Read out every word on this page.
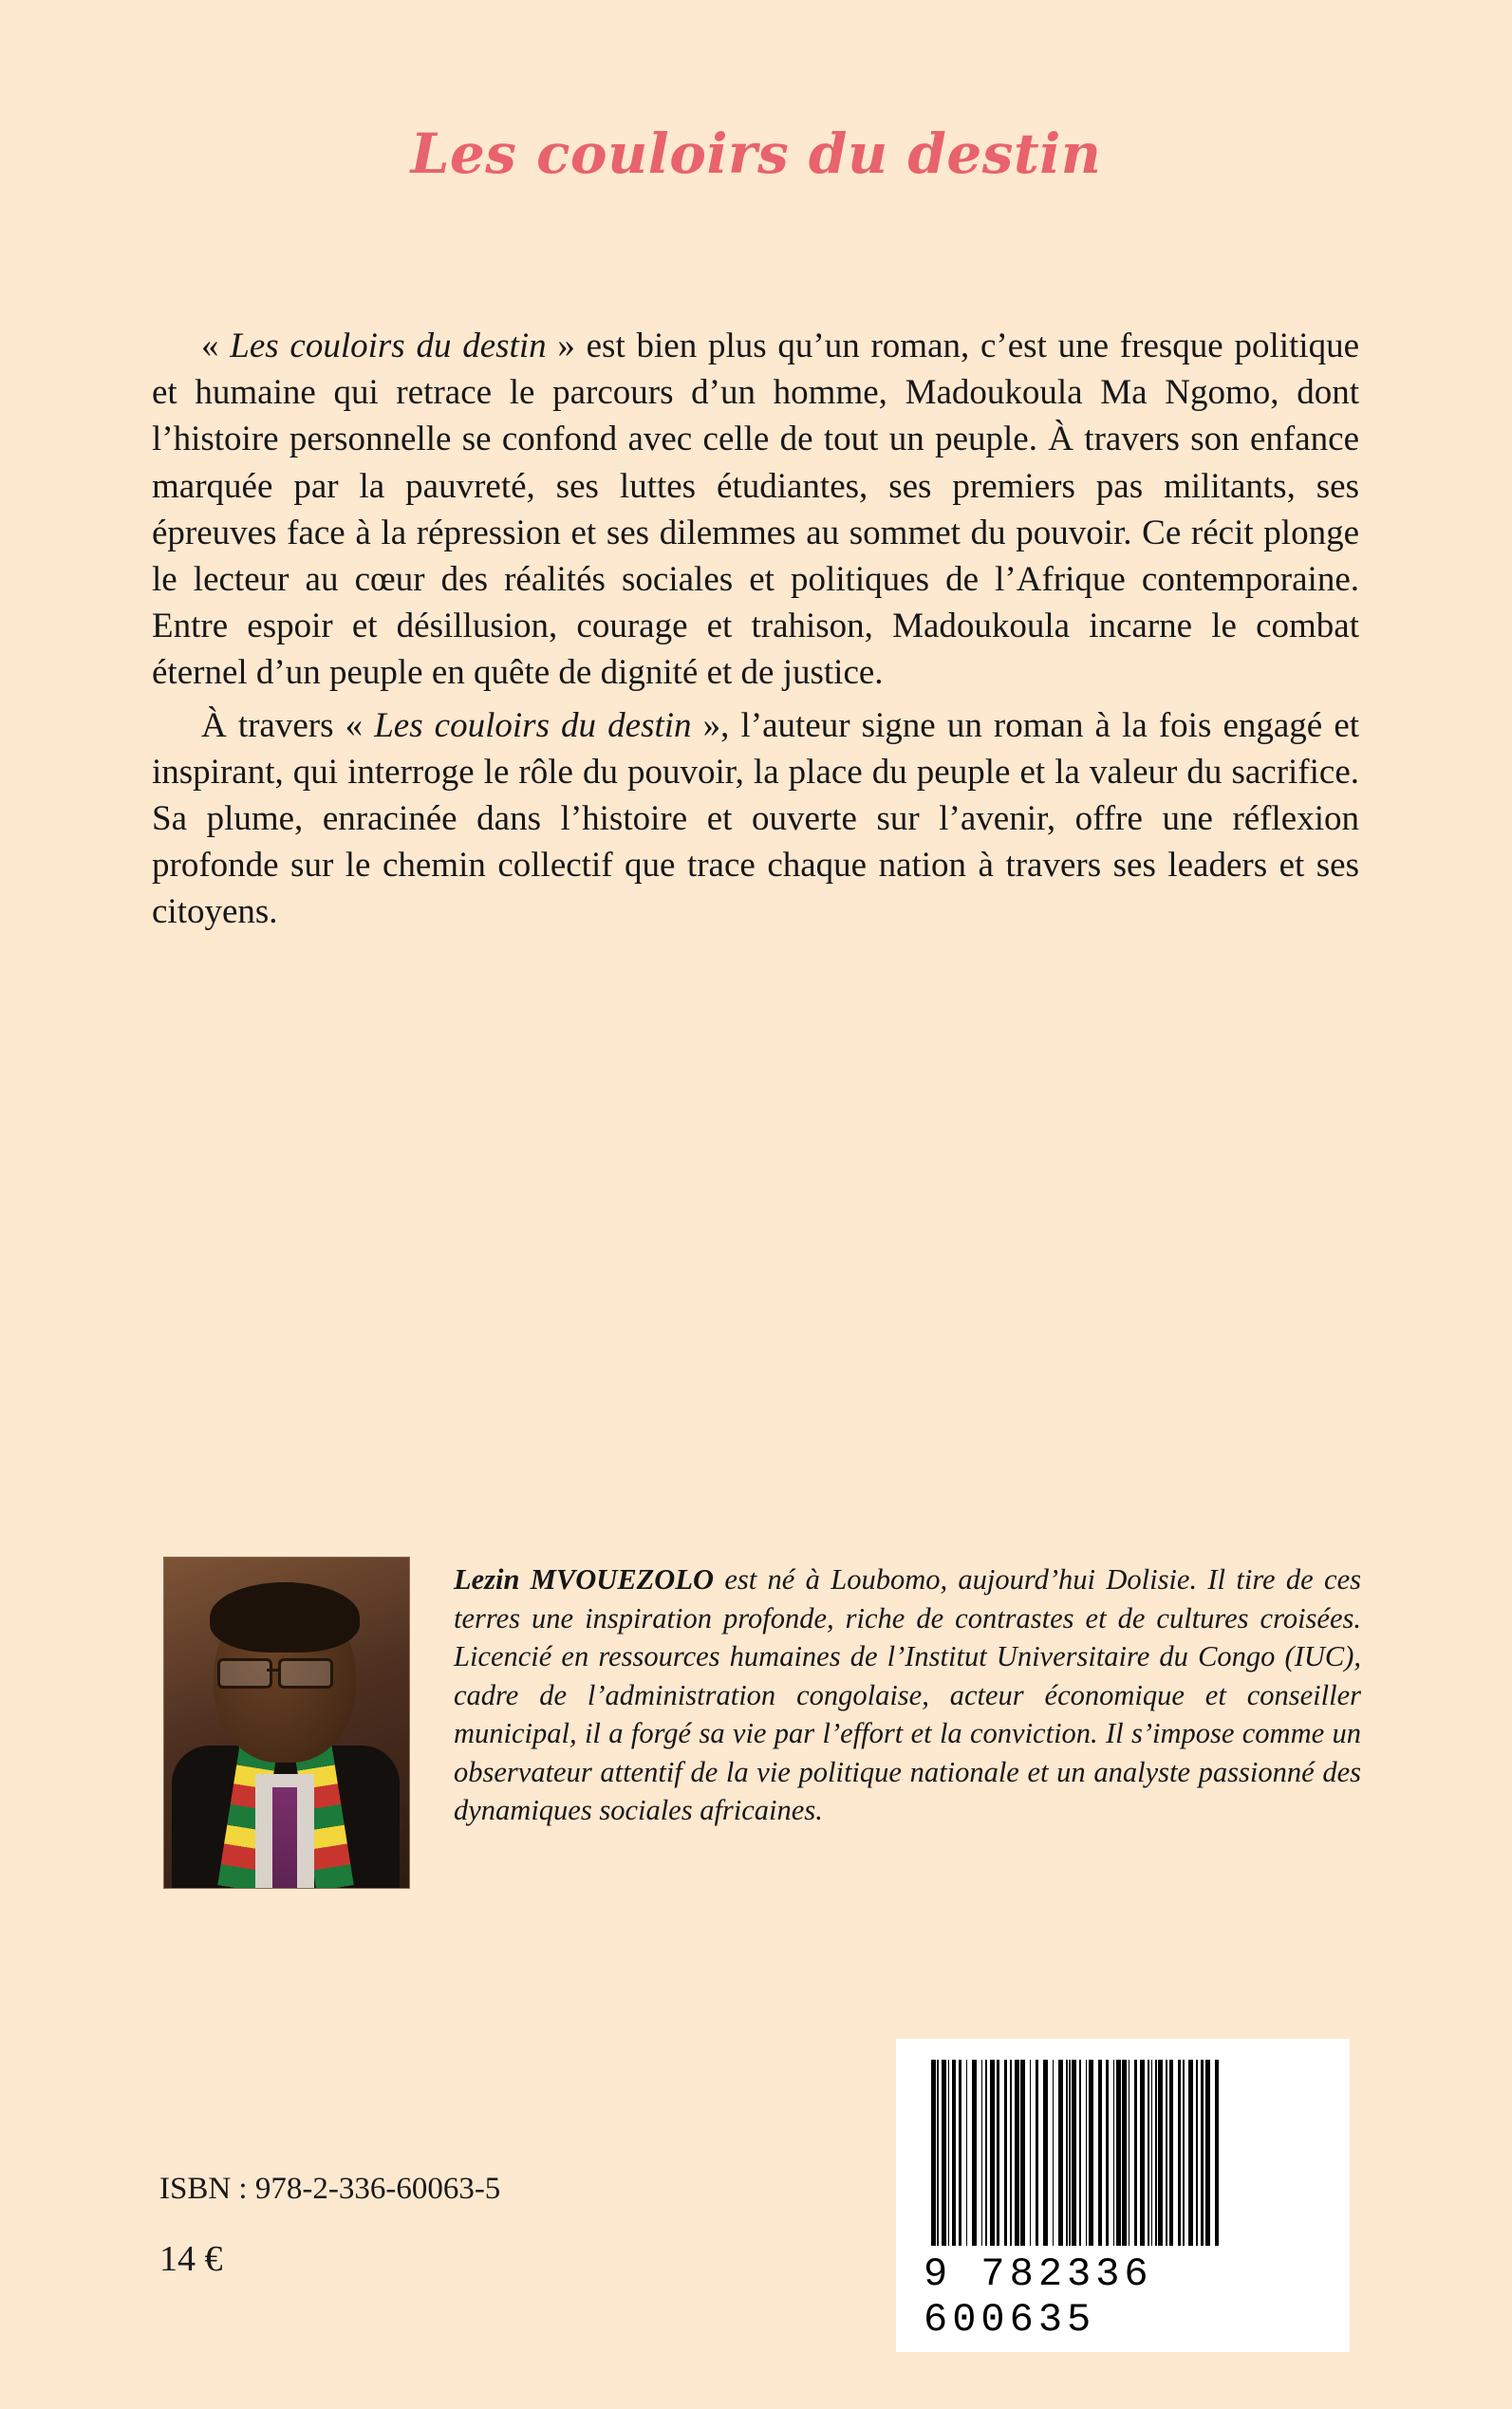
Les couloirs du destin

« Les couloirs du destin » est bien plus qu’un roman, c’est une fresque politique et humaine qui retrace le parcours d’un homme, Madoukoula Ma Ngomo, dont l’histoire personnelle se confond avec celle de tout un peuple. À travers son enfance marquée par la pauvreté, ses luttes étudiantes, ses premiers pas militants, ses épreuves face à la répression et ses dilemmes au sommet du pouvoir. Ce récit plonge le lecteur au cœur des réalités sociales et politiques de l’Afrique contemporaine. Entre espoir et désillusion, courage et trahison, Madoukoula incarne le combat éternel d’un peuple en quête de dignité et de justice.

À travers « Les couloirs du destin », l’auteur signe un roman à la fois engagé et inspirant, qui interroge le rôle du pouvoir, la place du peuple et la valeur du sacrifice. Sa plume, enracinée dans l’histoire et ouverte sur l’avenir, offre une réflexion profonde sur le chemin collectif que trace chaque nation à travers ses leaders et ses citoyens.

Lezin MVOUEZOLO est né à Loubomo, aujourd’hui Dolisie. Il tire de ces terres une inspiration profonde, riche de contrastes et de cultures croisées. Licencié en ressources humaines de l’Institut Universitaire du Congo (IUC), cadre de l’administration congolaise, acteur économique et conseiller municipal, il a forgé sa vie par l’effort et la conviction. Il s’impose comme un observateur attentif de la vie politique nationale et un analyste passionné des dynamiques sociales africaines.
ISBN : 978-2-336-60063-5
14 €	9 782336 600635
